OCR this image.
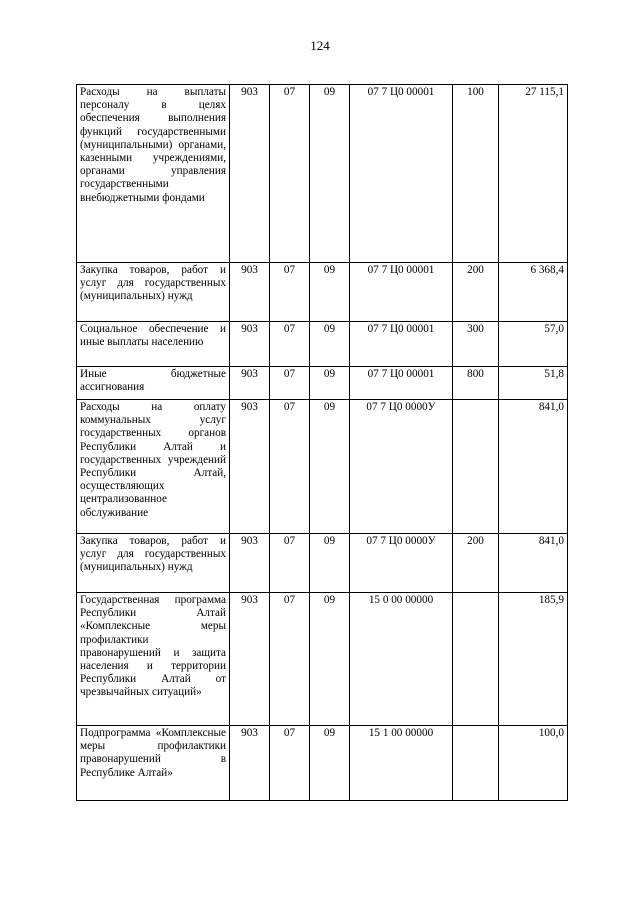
124
Расходы на выплаты персоналу в целях обеспечения выполнения функций государственными (муниципальными) органами, казенными учреждениями, органами управления государственными внебюджетными фондами	903	07	09	07 7 Ц0 00001	100	27 115,1
Закупка товаров, работ и услуг для государственных (муниципальных) нужд	903	07	09	07 7 Ц0 00001	200	6 368,4
Социальное обеспечение и иные выплаты населению	903	07	09	07 7 Ц0 00001	300	57,0
Иные бюджетные ассигнования	903	07	09	07 7 Ц0 00001	800	51,8
Расходы на оплату коммунальных услуг государственных органов Республики Алтай и государственных учреждений Республики Алтай, осуществляющих централизованное обслуживание	903	07	09	07 7 Ц0 0000У		841,0
Закупка товаров, работ и услуг для государственных (муниципальных) нужд	903	07	09	07 7 Ц0 0000У	200	841,0
Государственная программа Республики Алтай «Комплексные меры профилактики правонарушений и защита населения и территории Республики Алтай от чрезвычайных ситуаций»	903	07	09	15 0 00 00000		185,9
Подпрограмма «Комплексные меры профилактики правонарушений в Республике Алтай»	903	07	09	15 1 00 00000		100,0
